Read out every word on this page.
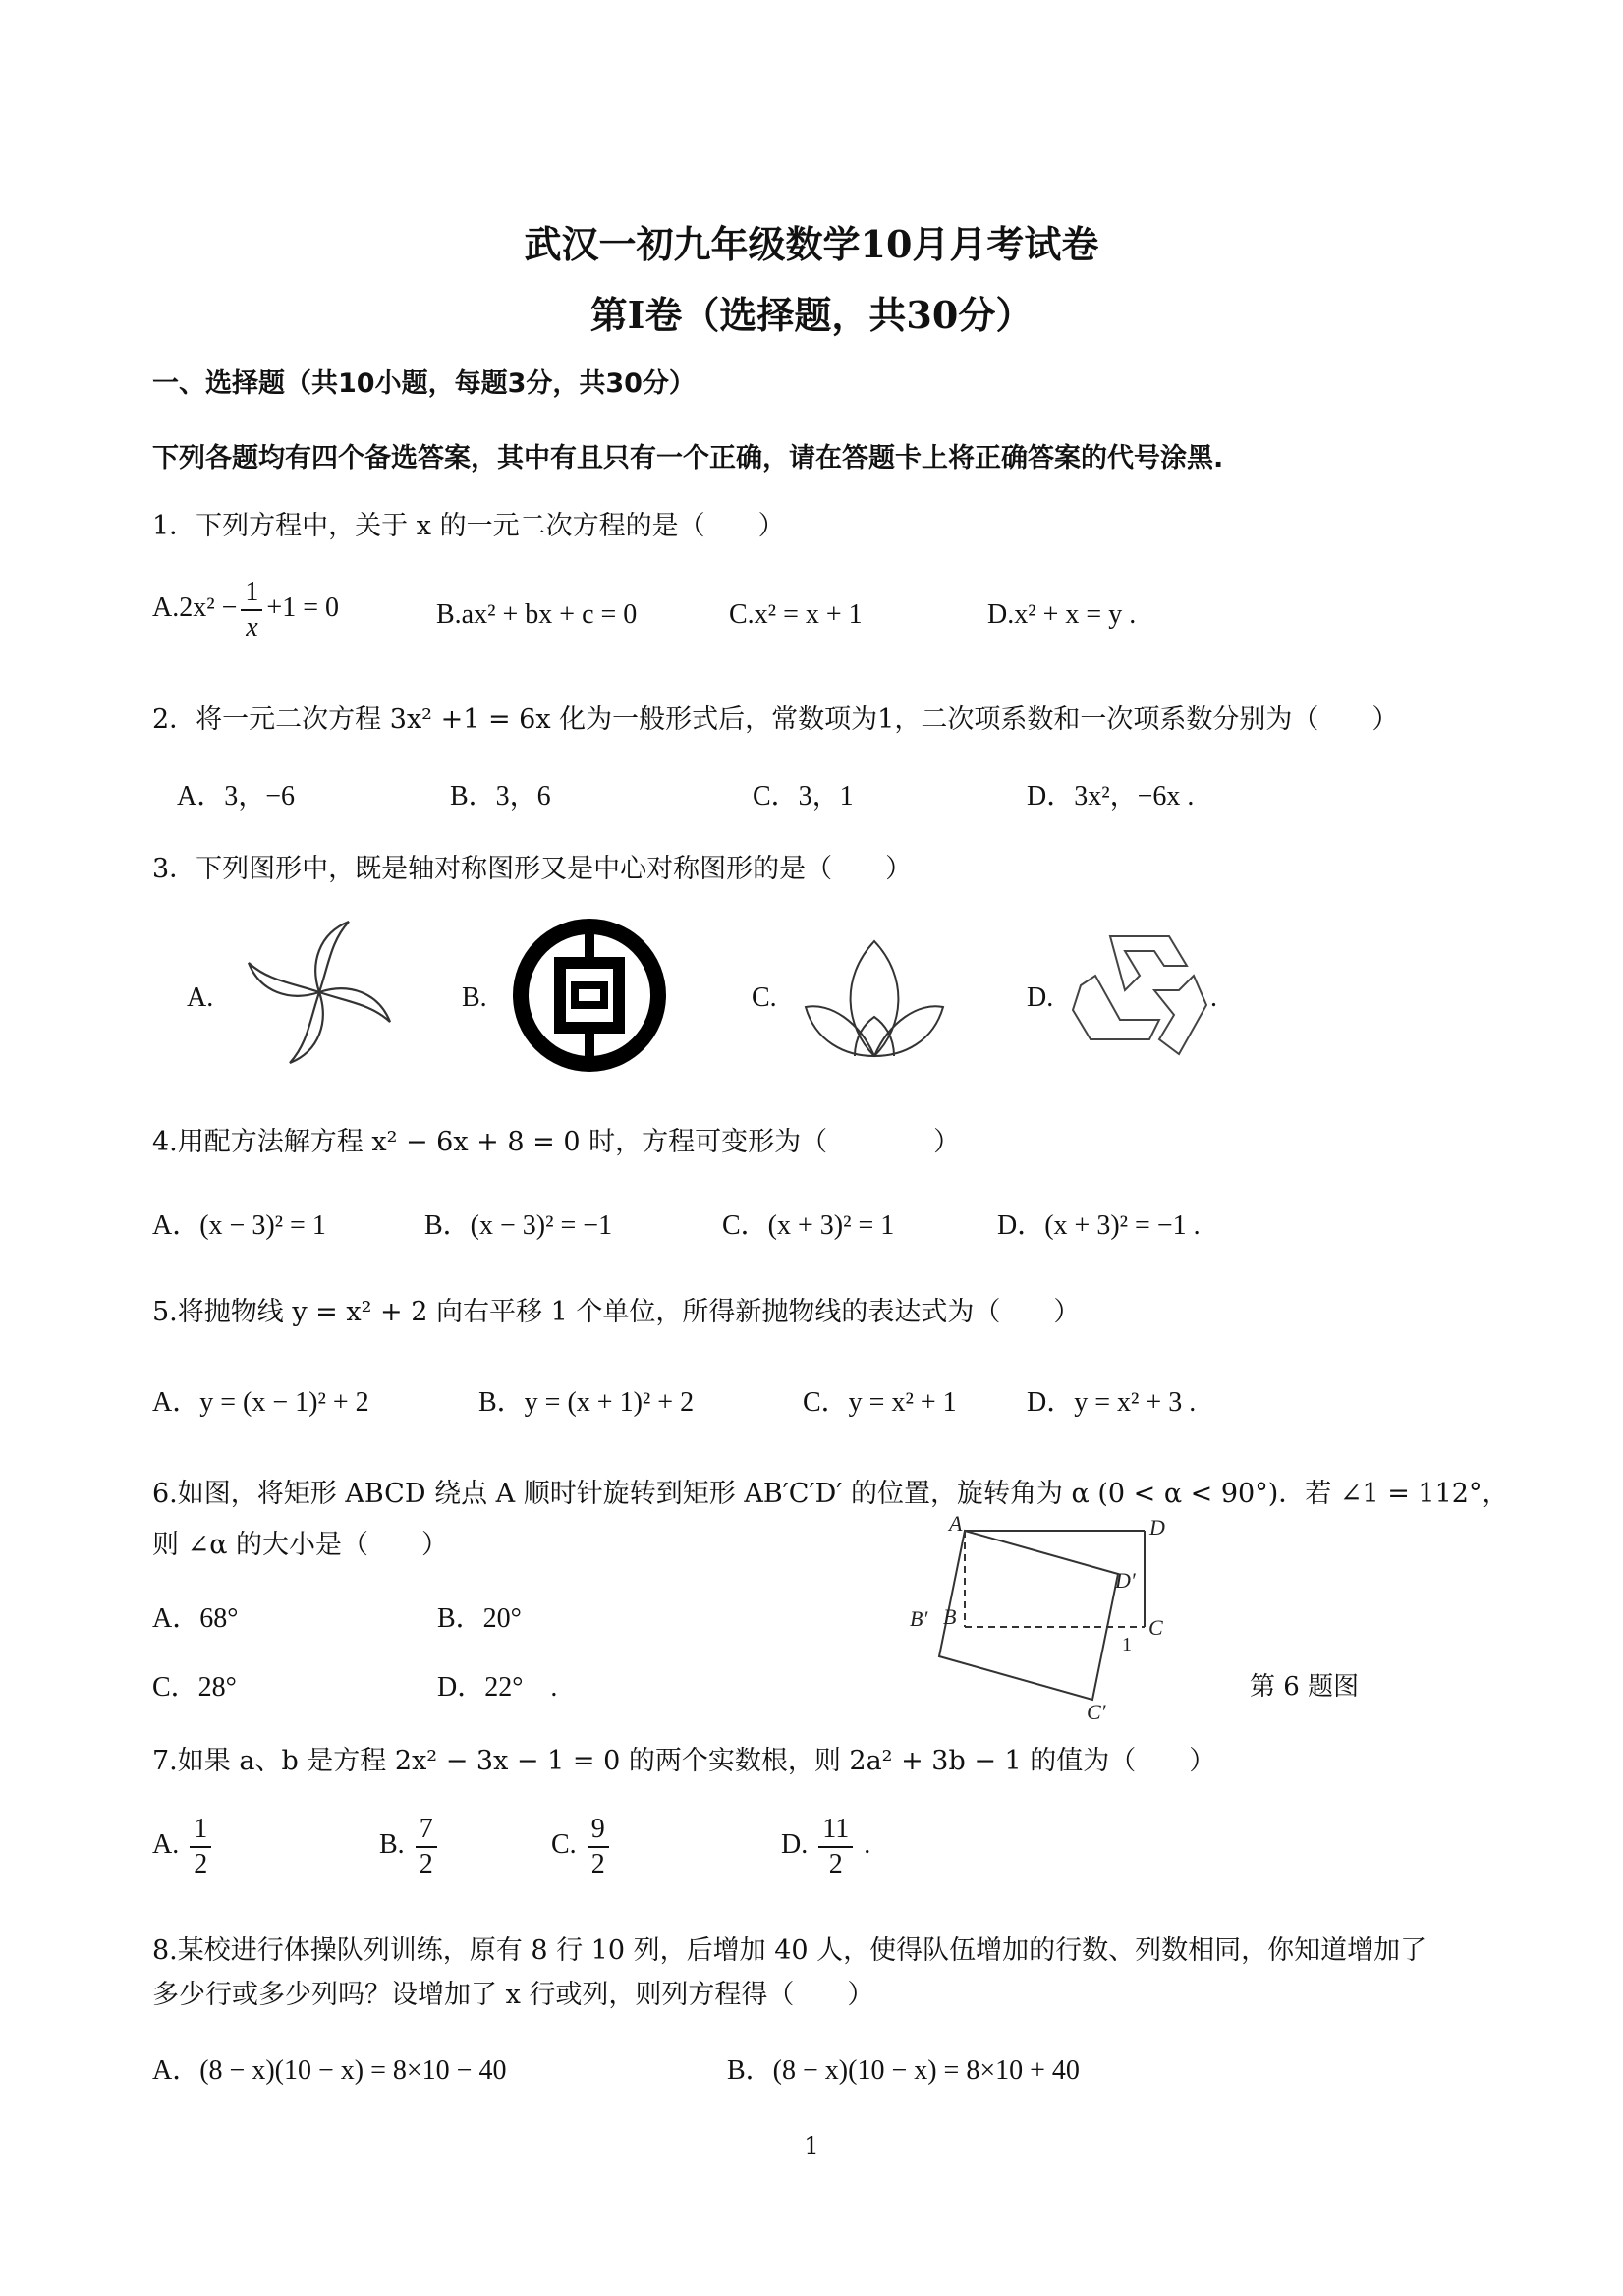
武汉一初九年级数学10月月考试卷
第Ⅰ卷（选择题，共30分）
一、选择题（共10小题，每题3分，共30分）
下列各题均有四个备选答案，其中有且只有一个正确，请在答题卡上将正确答案的代号涂黑.
1．下列方程中，关于 x 的一元二次方程的是（　　）
$A.2x^2 - \frac{1}{x} +1 = 0$	B.ax² + bx + c = 0	C.x² = x + 1	D.x² + x = y .
2．将一元二次方程 3x² +1 = 6x 化为一般形式后，常数项为1，二次项系数和一次项系数分别为（　　）
A．3，−6	B．3，6	C．3，1	D．3x²，−6x .
3．下列图形中，既是轴对称图形又是中心对称图形的是（　　）
A.	B.	C.	D.	.
4.用配方法解方程 x² − 6x + 8 = 0 时，方程可变形为（　　　　）
A．(x − 3)² = 1	B．(x − 3)² = −1	C．(x + 3)² = 1	D．(x + 3)² = −1 .
5.将抛物线 y = x² + 2 向右平移 1 个单位，所得新抛物线的表达式为（　　）
A．y = (x − 1)² + 2	B．y = (x + 1)² + 2	C．y = x² + 1	D．y = x² + 3 .
6.如图，将矩形 ABCD 绕点 A 顺时针旋转到矩形 AB′C′D′ 的位置，旋转角为 α (0 < α < 90°)．若 ∠1 = 112°，
则 ∠α 的大小是（　　）
A．68°	B．20°
C．28°	D．22°　.
A	D
D′
B′ B	C
C′
1
第 6 题图
7.如果 a、b 是方程 2x² − 3x − 1 = 0 的两个实数根，则 2a² + 3b − 1 的值为（　　）
A. $\frac{1}{2}$	B. $\frac{7}{2}$	C. $\frac{9}{2}$	D. $\frac{11}{2}$ .
8.某校进行体操队列训练，原有 8 行 10 列，后增加 40 人，使得队伍增加的行数、列数相同，你知道增加了
多少行或多少列吗？设增加了 x 行或列，则列方程得（　　）
A．(8 − x)(10 − x) = 8×10 − 40	B．(8 − x)(10 − x) = 8×10 + 40
1
